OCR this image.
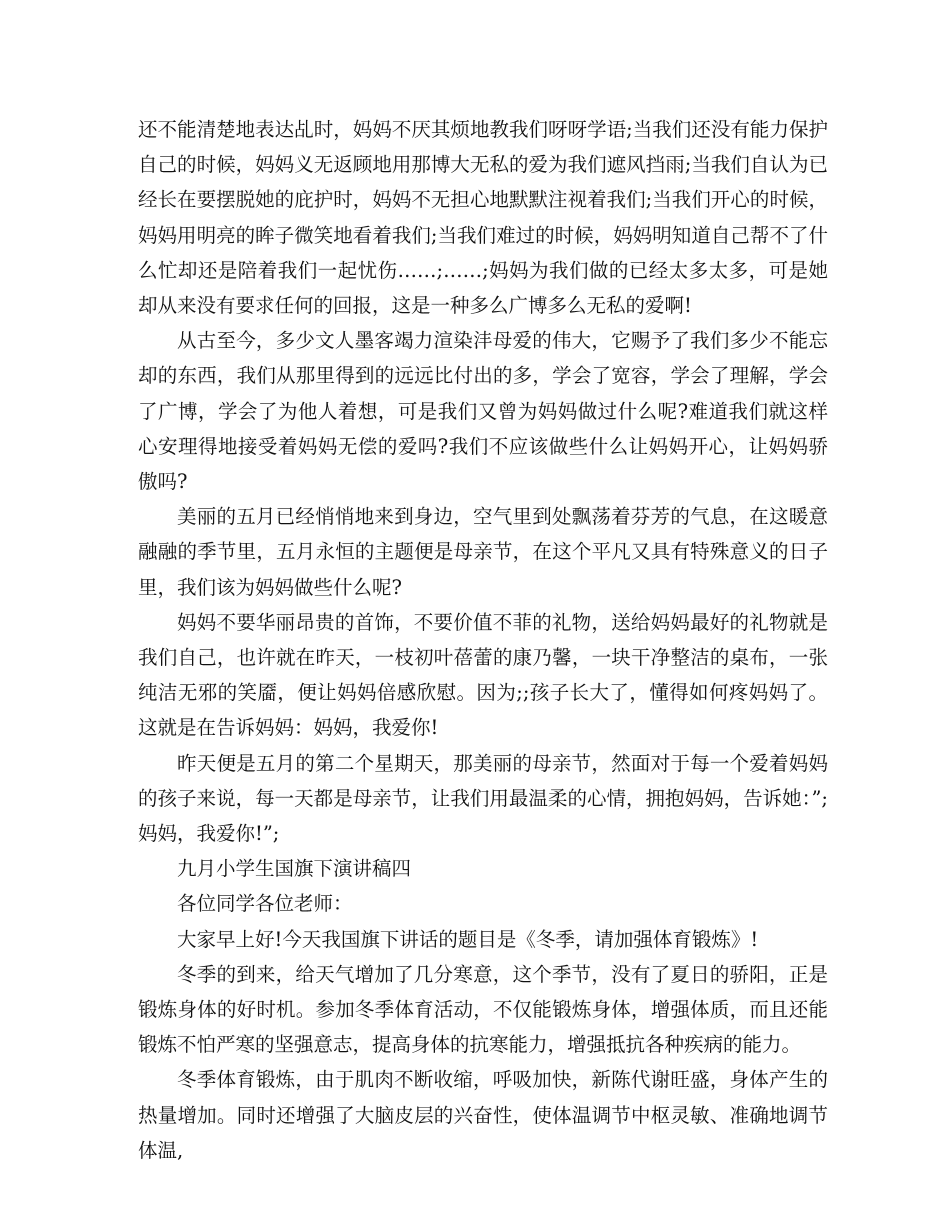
还不能清楚地表达乩时，妈妈不厌其烦地教我们呀呀学语;当我们还没有能力保护自己的时候，妈妈义无返顾地用那博大无私的爱为我们遮风挡雨;当我们自认为已经长在要摆脱她的庇护时，妈妈不无担心地默默注视着我们;当我们开心的时候，妈妈用明亮的眸子微笑地看着我们;当我们难过的时候，妈妈明知道自己帮不了什么忙却还是陪着我们一起忧伤……;……;妈妈为我们做的已经太多太多，可是她却从来没有要求任何的回报，这是一种多么广博多么无私的爱啊!

从古至今，多少文人墨客竭力渲染沣母爱的伟大，它赐予了我们多少不能忘却的东西，我们从那里得到的远远比付出的多，学会了宽容，学会了理解，学会了广博，学会了为他人着想，可是我们又曾为妈妈做过什么呢?难道我们就这样心安理得地接受着妈妈无偿的爱吗?我们不应该做些什么让妈妈开心，让妈妈骄傲吗?

美丽的五月已经悄悄地来到身边，空气里到处飘荡着芬芳的气息，在这暖意融融的季节里，五月永恒的主题便是母亲节，在这个平凡又具有特殊意义的日子里，我们该为妈妈做些什么呢?

妈妈不要华丽昂贵的首饰，不要价值不菲的礼物，送给妈妈最好的礼物就是我们自己，也许就在昨天，一枝初叶蓓蕾的康乃馨，一块干净整洁的桌布，一张纯洁无邪的笑靥，便让妈妈倍感欣慰。因为;;孩子长大了，懂得如何疼妈妈了。这就是在告诉妈妈：妈妈，我爱你!

昨天便是五月的第二个星期天，那美丽的母亲节，然面对于每一个爱着妈妈的孩子来说，每一天都是母亲节，让我们用最温柔的心情，拥抱妈妈，告诉她：”;妈妈，我爱你!”;

九月小学生国旗下演讲稿四

各位同学各位老师：

大家早上好!今天我国旗下讲话的题目是《冬季，请加强体育锻炼》!

冬季的到来，给天气增加了几分寒意，这个季节，没有了夏日的骄阳，正是锻炼身体的好时机。参加冬季体育活动，不仅能锻炼身体，增强体质，而且还能锻炼不怕严寒的坚强意志，提高身体的抗寒能力，增强抵抗各种疾病的能力。

冬季体育锻炼，由于肌肉不断收缩，呼吸加快，新陈代谢旺盛，身体产生的热量增加。同时还增强了大脑皮层的兴奋性，使体温调节中枢灵敏、准确地调节体温,
